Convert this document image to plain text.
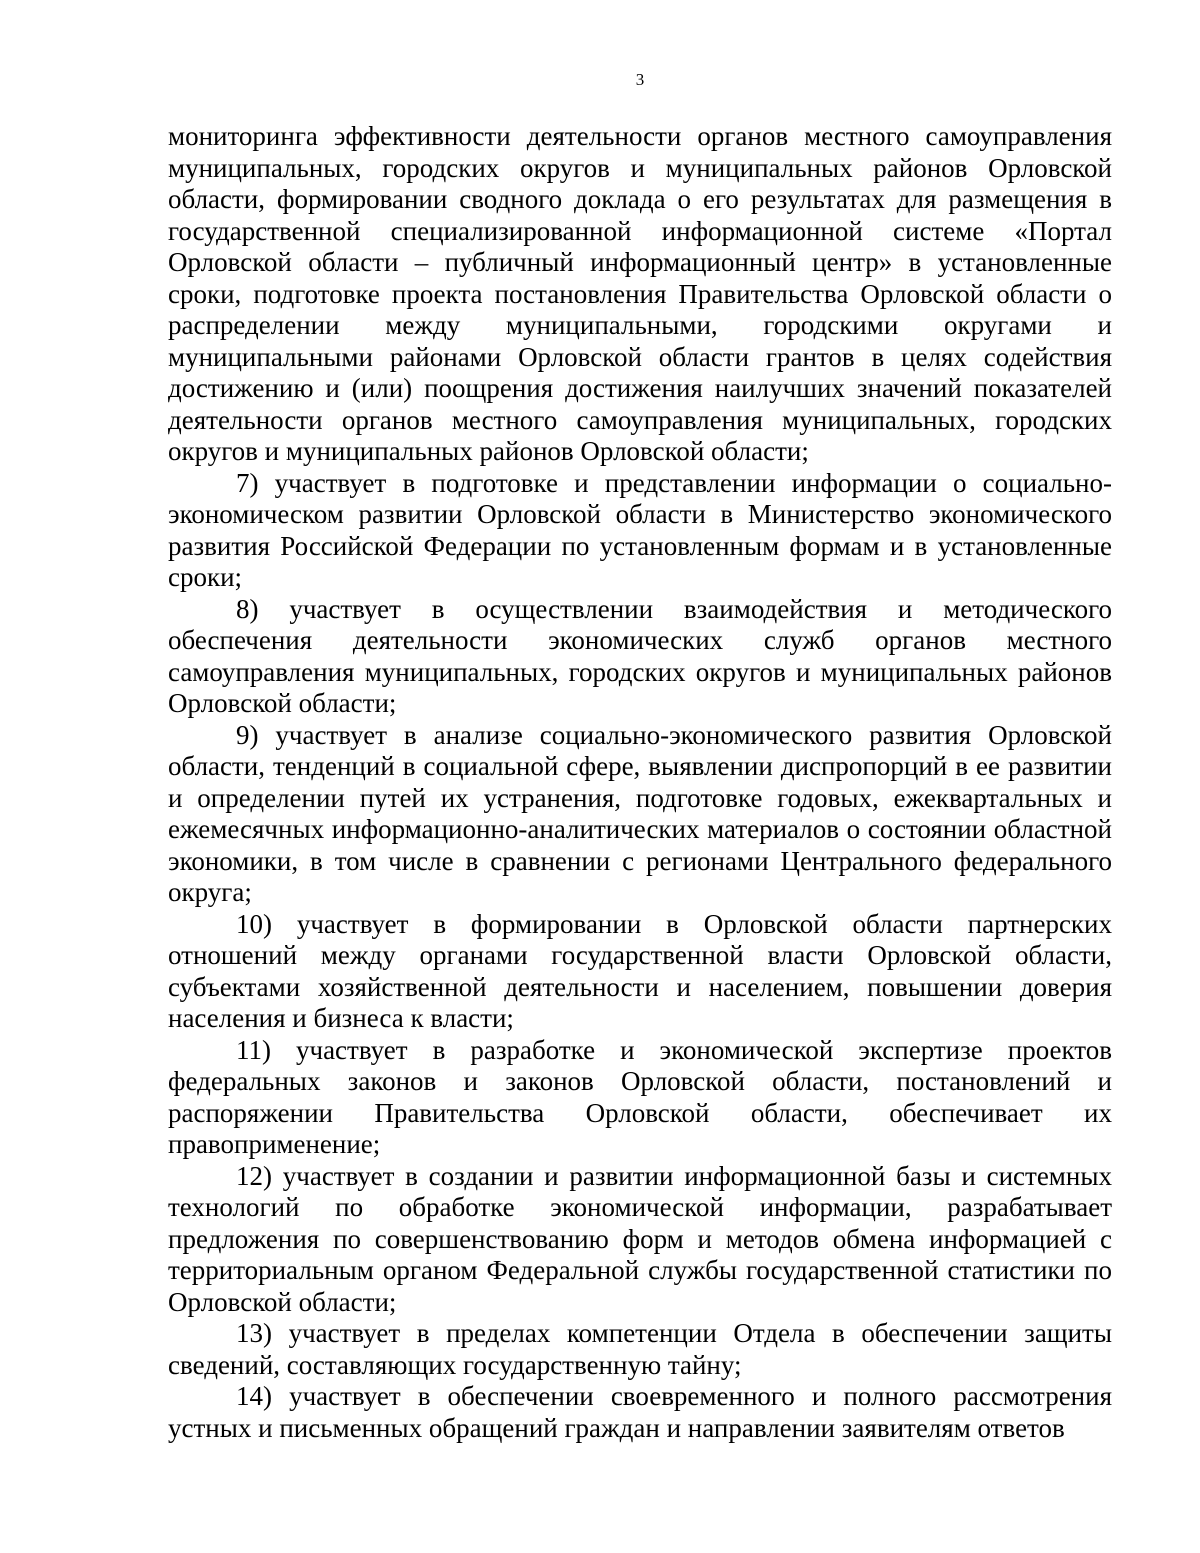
3

мониторинга эффективности деятельности органов местного самоуправления муниципальных, городских округов и муниципальных районов Орловской области, формировании сводного доклада о его результатах для размещения в государственной специализированной информационной системе «Портал Орловской области – публичный информационный центр» в установленные сроки, подготовке проекта постановления Правительства Орловской области о распределении между муниципальными, городскими округами и муниципальными районами Орловской области грантов в целях содействия достижению и (или) поощрения достижения наилучших значений показателей деятельности органов местного самоуправления муниципальных, городских округов и муниципальных районов Орловской области;

7) участвует в подготовке и представлении информации о социально-экономическом развитии Орловской области в Министерство экономического развития Российской Федерации по установленным формам и в установленные сроки;

8) участвует в осуществлении взаимодействия и методического обеспечения деятельности экономических служб органов местного самоуправления муниципальных, городских округов и муниципальных районов Орловской области;

9) участвует в анализе социально-экономического развития Орловской области, тенденций в социальной сфере, выявлении диспропорций в ее развитии и определении путей их устранения, подготовке годовых, ежеквартальных и ежемесячных информационно-аналитических материалов о состоянии областной экономики, в том числе в сравнении с регионами Центрального федерального округа;

10) участвует в формировании в Орловской области партнерских отношений между органами государственной власти Орловской области, субъектами хозяйственной деятельности и населением, повышении доверия населения и бизнеса к власти;

11) участвует в разработке и экономической экспертизе проектов федеральных законов и законов Орловской области, постановлений и распоряжении Правительства Орловской области, обеспечивает их правоприменение;

12) участвует в создании и развитии информационной базы и системных технологий по обработке экономической информации, разрабатывает предложения по совершенствованию форм и методов обмена информацией с территориальным органом Федеральной службы государственной статистики по Орловской области;

13) участвует в пределах компетенции Отдела в обеспечении защиты сведений, составляющих государственную тайну;

14) участвует в обеспечении своевременного и полного рассмотрения устных и письменных обращений граждан и направлении заявителям ответов
